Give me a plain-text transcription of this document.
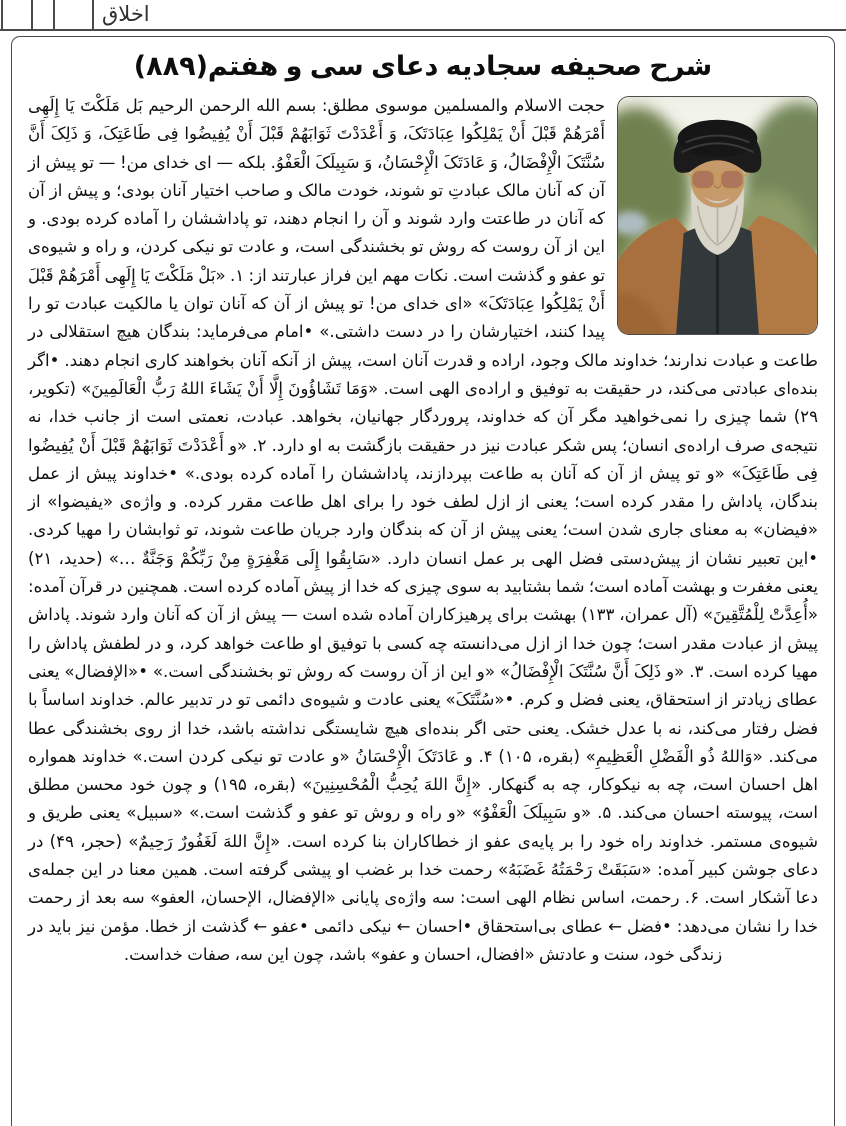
اخلاق
شرح صحیفه سجادیه دعای سی و هفتم(۸۸۹)
حجت الاسلام والمسلمین موسوی مطلق: بسم الله الرحمن الرحیم بَل مَلَکْتَ یَا إِلَهِی أَمْرَهُمْ قَبْلَ أَنْ یَمْلِکُوا عِبَادَتَکَ، وَ أَعْدَدْتَ ثَوَابَهُمْ قَبْلَ أَنْ یُفِیضُوا فِی طَاعَتِکَ، وَ ذَلِکَ أَنَّ سُنَّتَکَ الْإِفْضَالُ، وَ عَادَتَکَ الْإِحْسَانُ، وَ سَبِیلَکَ الْعَفْوُ. بلکه — ای خدای من! — تو پیش از آن که آنان مالک عبادتِ تو شوند، خودت مالک و صاحب اختیار آنان بودی؛ و پیش از آن که آنان در طاعتت وارد شوند و آن را انجام دهند، تو پاداششان را آماده کرده بودی. و این از آن روست که روش تو بخشندگی است، و عادت تو نیکی کردن، و راه و شیوه‌ی تو عفو و گذشت است. نکات مهم این فراز عبارتند از: ۱. «بَلْ مَلَکْتَ یَا إِلَهِی أَمْرَهُمْ قَبْلَ أَنْ یَمْلِکُوا عِبَادَتَکَ» «ای خدای من! تو پیش از آن که آنان توان یا مالکیت عبادت تو را پیدا کنند، اختیارشان را در دست داشتی.» •امام می‌فرماید: بندگان هیچ استقلالی در طاعت و عبادت ندارند؛ خداوند مالک وجود، اراده و قدرت آنان است، پیش از آنکه آنان بخواهند کاری انجام دهند. •اگر بنده‌ای عبادتی می‌کند، در حقیقت به توفیق و اراده‌ی الهی است. «وَمَا تَشَاؤُونَ إِلَّا أَنْ یَشَاءَ اللهُ رَبُّ الْعَالَمِینَ» (تکویر، ۲۹) شما چیزی را نمی‌خواهید مگر آن که خداوند، پروردگار جهانیان، بخواهد. عبادت، نعمتی است از جانب خدا، نه نتیجه‌ی صرف اراده‌ی انسان؛ پس شکر عبادت نیز در حقیقت بازگشت به او دارد. ۲. «و أَعْدَدْتَ ثَوَابَهُمْ قَبْلَ أَنْ یُفِیضُوا فِی طَاعَتِکَ» «و تو پیش از آن که آنان به طاعت بپردازند، پاداششان را آماده کرده بودی.» •خداوند پیش از عمل بندگان، پاداش را مقدر کرده است؛ یعنی از ازل لطف خود را برای اهل طاعت مقرر کرده. و واژه‌ی «یفیضوا» از «فیضان» به معنای جاری شدن است؛ یعنی پیش از آن که بندگان وارد جریان طاعت شوند، تو ثوابشان را مهیا کردی. •این تعبیر نشان از پیش‌دستی فضل الهی بر عمل انسان دارد. «سَابِقُوا إِلَی مَغْفِرَةٍ مِنْ رَبِّکُمْ وَجَنَّةٌ …» (حدید، ۲۱) یعنی مغفرت و بهشت آماده است؛ شما بشتابید به سوی چیزی که خدا از پیش آماده کرده است. همچنین در قرآن آمده: «أُعِدَّتْ لِلْمُتَّقِینَ» (آل عمران، ۱۳۳) بهشت برای پرهیزکاران آماده شده است — پیش از آن که آنان وارد شوند. پاداش پیش از عبادت مقدر است؛ چون خدا از ازل می‌دانسته چه کسی با توفیق او طاعت خواهد کرد، و در لطفش پاداش را مهیا کرده است. ۳. «و ذَلِکَ أَنَّ سُنَّتَکَ الْإِفْضَالُ» «و این از آن روست که روش تو بخشندگی است.» •«الإفضال» یعنی عطای زیادتر از استحقاق، یعنی فضل و کرم. •«سُنَّتَکَ» یعنی عادت و شیوه‌ی دائمی تو در تدبیر عالم. خداوند اساساً با فضل رفتار می‌کند، نه با عدل خشک. یعنی حتی اگر بنده‌ای هیچ شایستگی نداشته باشد، خدا از روی بخشندگی عطا می‌کند. «وَاللهُ ذُو الْفَضْلِ الْعَظِیمِ» (بقره، ۱۰۵) ۴. و عَادَتَکَ الْإِحْسَانُ «و عادت تو نیکی کردن است.» خداوند همواره اهل احسان است، چه به نیکوکار، چه به گنهکار. «إِنَّ اللهَ یُحِبُّ الْمُحْسِنِینَ» (بقره، ۱۹۵) و چون خود محسن مطلق است، پیوسته احسان می‌کند. ۵. «و سَبِیلَکَ الْعَفْوُ» «و راه و روش تو عفو و گذشت است.» «سبیل» یعنی طریق و شیوه‌ی مستمر. خداوند راه خود را بر پایه‌ی عفو از خطاکاران بنا کرده است. «إِنَّ اللهَ لَغَفُورٌ رَحِیمٌ» (حجر، ۴۹) در دعای جوشن کبیر آمده: «سَبَقَتْ رَحْمَتُهُ غَضَبَهُ» رحمت خدا بر غضب او پیشی گرفته است. همین معنا در این جمله‌ی دعا آشکار است. ۶. رحمت، اساس نظام الهی است: سه واژه‌ی پایانی «الإفضال، الإحسان، العفو» سه بعد از رحمت خدا را نشان می‌دهد: •فضل ← عطای بی‌استحقاق •احسان ← نیکی دائمی •عفو ← گذشت از خطا. مؤمن نیز باید در زندگی خود، سنت و عادتش «افضال، احسان و عفو» باشد، چون این سه، صفات خداست.
